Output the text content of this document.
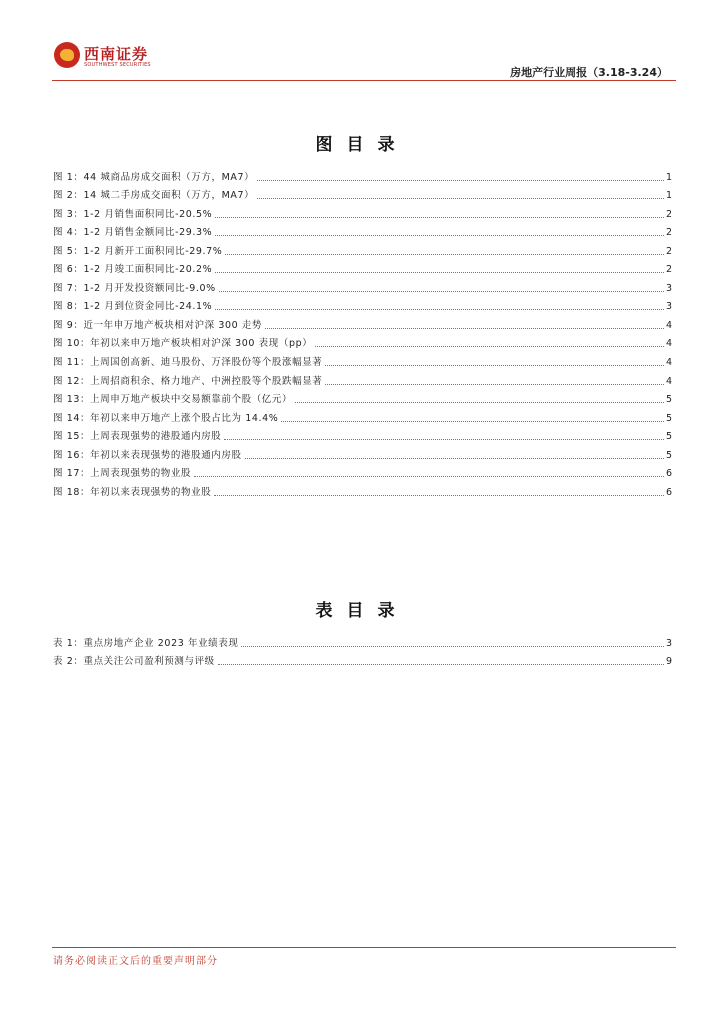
西南证券
SOUTHWEST SECURITIES
房地产行业周报（3.18-3.24）
图目录
图 1：44 城商品房成交面积（万方，MA7）	1
图 2：14 城二手房成交面积（万方，MA7）	1
图 3：1-2 月销售面积同比-20.5%	2
图 4：1-2 月销售金额同比-29.3%	2
图 5：1-2 月新开工面积同比-29.7%	2
图 6：1-2 月竣工面积同比-20.2%	2
图 7：1-2 月开发投资额同比-9.0%	3
图 8：1-2 月到位资金同比-24.1%	3
图 9：近一年申万地产板块相对沪深 300 走势	4
图 10：年初以来申万地产板块相对沪深 300 表现（pp）	4
图 11：上周国创高新、迪马股份、万泽股份等个股涨幅显著	4
图 12：上周招商积余、格力地产、中洲控股等个股跌幅显著	4
图 13：上周申万地产板块中交易额靠前个股（亿元）	5
图 14：年初以来申万地产上涨个股占比为 14.4%	5
图 15：上周表现强势的港股通内房股	5
图 16：年初以来表现强势的港股通内房股	5
图 17：上周表现强势的物业股	6
图 18：年初以来表现强势的物业股	6
表目录
表 1：重点房地产企业 2023 年业绩表现	3
表 2：重点关注公司盈利预测与评级	9
请务必阅读正文后的重要声明部分
